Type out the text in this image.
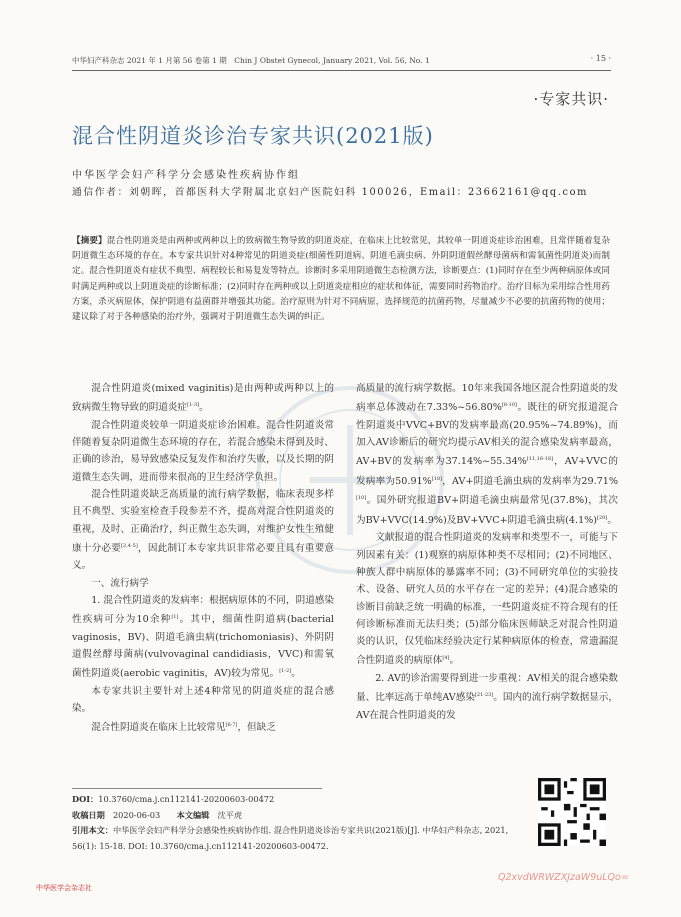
中华妇产科杂志 2021 年 1 月第 56 卷第 1 期　Chin J Obstet Gynecol, January 2021, Vol. 56, No. 1	· 15 ·
·专家共识·
混合性阴道炎诊治专家共识(2021版)
中华医学会妇产科学分会感染性疾病协作组
通信作者：刘朝晖，首都医科大学附属北京妇产医院妇科 100026，Email：23662161@qq.com
【摘要】混合性阴道炎是由两种或两种以上的致病微生物导致的阴道炎症，在临床上比较常见，其较单一阴道炎症诊治困难，且常伴随着复杂阴道微生态环境的存在。本专家共识针对4种常见的阴道炎症(细菌性阴道病、阴道毛滴虫病、外阴阴道假丝酵母菌病和需氧菌性阴道炎)而制定。混合性阴道炎有症状不典型、病程较长和易复发等特点。诊断时多采用阴道微生态检测方法，诊断要点：(1)同时存在至少两种病原体或同时满足两种或以上阴道炎症的诊断标准；(2)同时存在两种或以上阴道炎症相应的症状和体征，需要同时药物治疗。治疗目标为采用综合性用药方案，杀灭病原体，保护阴道有益菌群并增强其功能。治疗原则为针对不同病原，选择规范的抗菌药物，尽量减少不必要的抗菌药物的使用；建议除了对于各种感染的治疗外，强调对于阴道微生态失调的纠正。

混合性阴道炎(mixed vaginitis)是由两种或两种以上的致病微生物导致的阴道炎症[1-3]。

混合性阴道炎较单一阴道炎症诊治困难。混合性阴道炎常伴随着复杂阴道微生态环境的存在，若混合感染未得到及时、正确的诊治，易导致感染反复发作和治疗失败，以及长期的阴道微生态失调，进而带来很高的卫生经济学负担。

混合性阴道炎缺乏高质量的流行病学数据，临床表现多样且不典型、实验室检查手段参差不齐，提高对混合性阴道炎的重视，及时、正确治疗，纠正微生态失调，对维护女性生殖健康十分必要[2,4-5]，因此制订本专家共识非常必要且具有重要意义。

一、流行病学

1. 混合性阴道炎的发病率：根据病原体的不同，阴道感染性疾病可分为10余种[1]。其中，细菌性阴道病(bacterial vaginosis，BV)、阴道毛滴虫病(trichomoniasis)、外阴阴道假丝酵母菌病(vulvovaginal candidiasis，VVC)和需氧菌性阴道炎(aerobic vaginitis，AV)较为常见。[1-2]。

本专家共识主要针对上述4种常见的阴道炎症的混合感染。

混合性阴道炎在临床上比较常见[6-7]，但缺乏

高质量的流行病学数据。10年来我国各地区混合性阴道炎的发病率总体波动在7.33%~56.80%[8-10]。既往的研究报道混合性阴道炎中VVC+BV的发病率最高(20.95%~74.89%)，而加入AV诊断后的研究均提示AV相关的混合感染发病率最高，AV+BV的发病率为37.14%~55.34%[11,16-18]，AV+VVC的发病率为50.91%[18]，AV+阴道毛滴虫病的发病率为29.71%[10]。国外研究报道BV+阴道毛滴虫病最常见(37.8%)，其次为BV+VVC(14.9%)及BV+VVC+阴道毛滴虫病(4.1%)[20]。

文献报道的混合性阴道炎的发病率和类型不一，可能与下列因素有关：(1)观察的病原体种类不尽相同；(2)不同地区、种族人群中病原体的暴露率不同；(3)不同研究单位的实验技术、设备、研究人员的水平存在一定的差异；(4)混合感染的诊断目前缺乏统一明确的标准，一些阴道炎症不符合现有的任何诊断标准而无法归类；(5)部分临床医师缺乏对混合性阴道炎的认识，仅凭临床经验决定行某种病原体的检查，常遗漏混合性阴道炎的病原体[4]。

2. AV的诊治需要得到进一步重视：AV相关的混合感染数量、比率远高于单纯AV感染[21-23]。国内的流行病学数据显示，AV在混合性阴道炎的发

DOI：10.3760/cma.j.cn112141-20200603-00472
收稿日期　 2020-06-03　　 本文编辑　 沈平虎
引用本文：中华医学会妇产科学分会感染性疾病协作组. 混合性阴道炎诊治专家共识(2021版)[J]. 中华妇产科杂志, 2021, 56(1): 15-18. DOI: 10.3760/cma.j.cn112141-20200603-00472.
中华医学会杂志社
Q2xvdWRWZXJzaW9uLQo=
